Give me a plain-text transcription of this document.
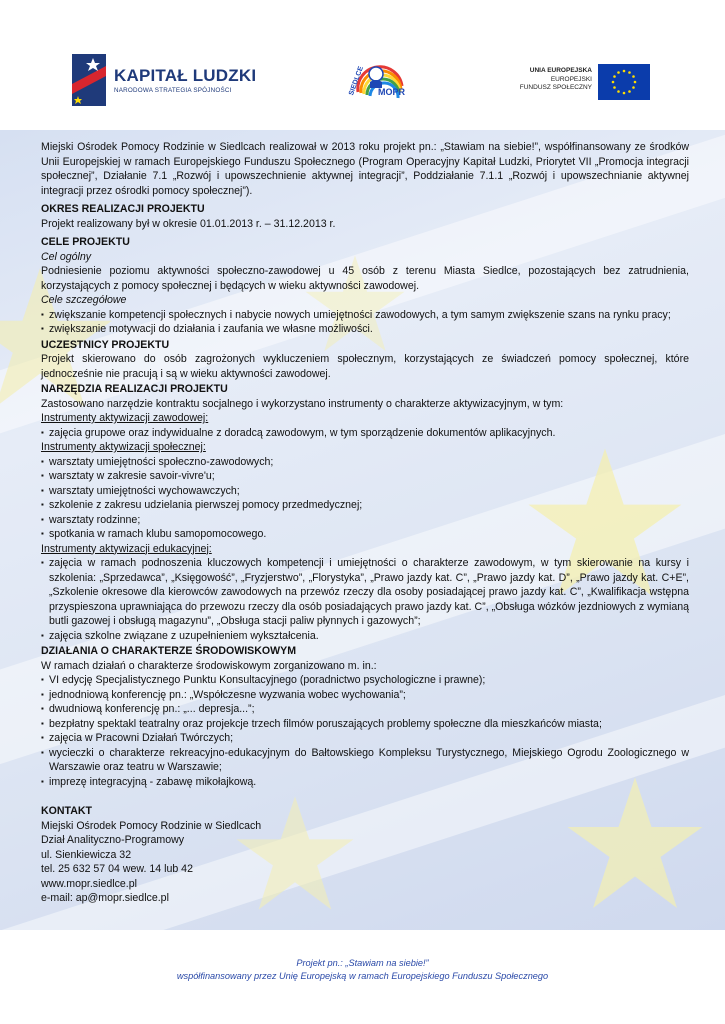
KAPITAŁ LUDZKI
NARODOWA STRATEGIA SPÓJNOŚCI	SIEDLCE MOPR
UNIA EUROPEJSKA
EUROPEJSKI
FUNDUSZ SPOŁECZNY

Miejski Ośrodek Pomocy Rodzinie w Siedlcach realizował w 2013 roku projekt pn.: „Stawiam na siebie!”, współfinansowany ze środków Unii Europejskiej w ramach Europejskiego Funduszu Społecznego (Program Operacyjny Kapitał Ludzki, Priorytet VII „Promocja integracji społecznej”, Działanie 7.1 „Rozwój i upowszechnienie aktywnej integracji”, Poddziałanie 7.1.1 „Rozwój i upowszechnianie aktywnej integracji przez ośrodki pomocy społecznej”).

OKRES REALIZACJI PROJEKTU

Projekt realizowany był w okresie 01.01.2013 r. – 31.12.2013 r.

CELE PROJEKTU
Cel ogólny

Podniesienie poziomu aktywności społeczno-zawodowej u 45 osób z terenu Miasta Siedlce, pozostających bez zatrudnienia, korzystających z pomocy społecznej i będących w wieku aktywności zawodowej.

Cele szczegółowe
▪ zwiększanie kompetencji społecznych i nabycie nowych umiejętności zawodowych, a tym samym zwiększenie szans na rynku pracy;
▪ zwiększanie motywacji do działania i zaufania we własne możliwości.
UCZESTNICY PROJEKTU

Projekt skierowano do osób zagrożonych wykluczeniem społecznym, korzystających ze świadczeń pomocy społecznej, które jednocześnie nie pracują i są w wieku aktywności zawodowej.

NARZĘDZIA REALIZACJI PROJEKTU

Zastosowano narzędzie kontraktu socjalnego i wykorzystano instrumenty o charakterze aktywizacyjnym, w tym:

Instrumenty aktywizacji zawodowej:
▪ zajęcia grupowe oraz indywidualne z doradcą zawodowym, w tym sporządzenie dokumentów aplikacyjnych.
Instrumenty aktywizacji społecznej:
▪ warsztaty umiejętności społeczno-zawodowych;
▪ warsztaty w zakresie savoir-vivre'u;
▪ warsztaty umiejętności wychowawczych;
▪ szkolenie z zakresu udzielania pierwszej pomocy przedmedycznej;
▪ warsztaty rodzinne;
▪ spotkania w ramach klubu samopomocowego.
Instrumenty aktywizacji edukacyjnej:
▪ zajęcia w ramach podnoszenia kluczowych kompetencji i umiejętności o charakterze zawodowym, w tym skierowanie na kursy i szkolenia: „Sprzedawca”, „Księgowość”, „Fryzjerstwo”, „Florystyka”, „Prawo jazdy kat. C”, „Prawo jazdy kat. D”, „Prawo jazdy kat. C+E”, „Szkolenie okresowe dla kierowców zawodowych na przewóz rzeczy dla osoby posiadającej prawo jazdy kat. C”, „Kwalifikacja wstępna przyspieszona uprawniająca do przewozu rzeczy dla osób posiadających prawo jazdy kat. C”, „Obsługa wózków jezdniowych z wymianą butli gazowej i obsługą magazynu”, „Obsługa stacji paliw płynnych i gazowych”;
▪ zajęcia szkolne związane z uzupełnieniem wykształcenia.
DZIAŁANIA O CHARAKTERZE ŚRODOWISKOWYM

W ramach działań o charakterze środowiskowym zorganizowano m. in.:

▪ VI edycję Specjalistycznego Punktu Konsultacyjnego (poradnictwo psychologiczne i prawne);
▪ jednodniową konferencję pn.: „Współczesne wyzwania wobec wychowania”;
▪ dwudniową konferencję pn.: „... depresja...”;
▪ bezpłatny spektakl teatralny oraz projekcje trzech filmów poruszających problemy społeczne dla mieszkańców miasta;
▪ zajęcia w Pracowni Działań Twórczych;
▪ wycieczki o charakterze rekreacyjno-edukacyjnym do Bałtowskiego Kompleksu Turystycznego, Miejskiego Ogrodu Zoologicznego w Warszawie oraz teatru w Warszawie;
▪ imprezę integracyjną - zabawę mikołajkową.
KONTAKT
Miejski Ośrodek Pomocy Rodzinie w Siedlcach
Dział Analityczno-Programowy
ul. Sienkiewicza 32
tel. 25 632 57 04 wew. 14 lub 42
www.mopr.siedlce.pl
e-mail: ap@mopr.siedlce.pl
Projekt pn.: „Stawiam na siebie!”
współfinansowany przez Unię Europejską w ramach Europejskiego Funduszu Społecznego
